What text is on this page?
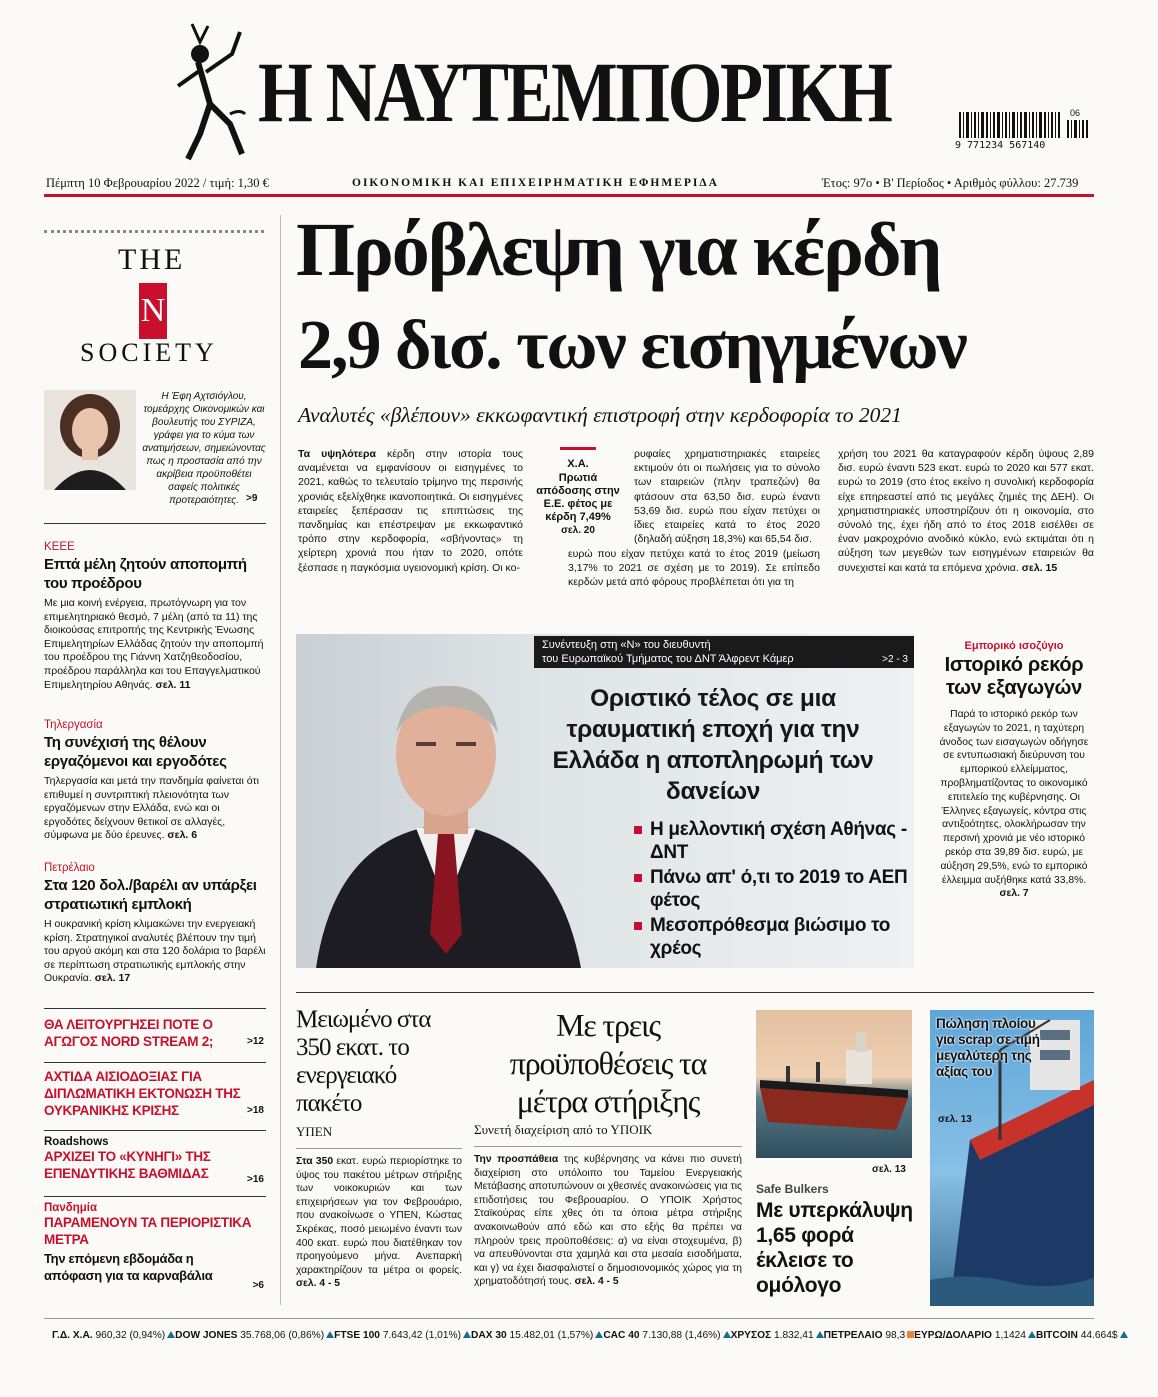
Η ΝΑΥΤΕΜΠΟΡΙΚΗ
9 771234 567140
06
Πέμπτη 10 Φεβρουαρίου 2022 / τιμή: 1,30 €	ΟΙΚΟΝΟΜΙΚΗ ΚΑΙ ΕΠΙΧΕΙΡΗΜΑΤΙΚΗ ΕΦΗΜΕΡΙΔΑ	Έτος: 97ο • Β' Περίοδος • Αριθμός φύλλου: 27.739
THE
N
SOCIETY
Η Έφη Αχτσιόγλου, τομεάρχης Οικονομικών και βουλευτής του ΣΥΡΙΖΑ, γράφει για το κύμα των ανατιμήσεων, σημειώνοντας πως η προστασία από την ακρίβεια προϋποθέτει σαφείς πολιτικές προτεραιότητες. >9
ΚΕΕΕ
Επτά μέλη ζητούν αποπομπή του προέδρου
Με μια κοινή ενέργεια, πρωτόγνωρη για τον επιμελητηριακό θεσμό, 7 μέλη (από τα 11) της διοικούσας επιτροπής της Κεντρικής Ένωσης Επιμελητηρίων Ελλάδας ζητούν την αποπομπή του προέδρου της Γιάννη Χατζηθεοδοσίου, προέδρου παράλληλα και του Επαγγελματικού Επιμελητηρίου Αθηνάς. σελ. 11
Τηλεργασία
Τη συνέχισή της θέλουν εργαζόμενοι και εργοδότες
Τηλεργασία και μετά την πανδημία φαίνεται ότι επιθυμεί η συντριπτική πλειονότητα των εργαζόμενων στην Ελλάδα, ενώ και οι εργοδότες δείχνουν θετικοί σε αλλαγές, σύμφωνα με δύο έρευνες. σελ. 6
Πετρέλαιο
Στα 120 δολ./βαρέλι αν υπάρξει στρατιωτική εμπλοκή
Η ουκρανική κρίση κλιμακώνει την ενεργειακή κρίση. Στρατηγικοί αναλυτές βλέπουν την τιμή του αργού ακόμη και στα 120 δολάρια το βαρέλι σε περίπτωση στρατιωτικής εμπλοκής στην Ουκρανία. σελ. 17
ΘΑ ΛΕΙΤΟΥΡΓΗΣΕΙ ΠΟΤΕ Ο ΑΓΩΓΟΣ NORD STREAM 2;	>12
ΑΧΤΙΔΑ ΑΙΣΙΟΔΟΞΙΑΣ ΓΙΑ ΔΙΠΛΩΜΑΤΙΚΗ ΕΚΤΟΝΩΣΗ ΤΗΣ ΟΥΚΡΑΝΙΚΗΣ ΚΡΙΣΗΣ	>18
Roadshows
ΑΡΧΙΖΕΙ ΤΟ «ΚΥΝΗΓΙ» ΤΗΣ ΕΠΕΝΔΥΤΙΚΗΣ ΒΑΘΜΙΔΑΣ	>16
Πανδημία
ΠΑΡΑΜΕΝΟΥΝ ΤΑ ΠΕΡΙΟΡΙΣΤΙΚΑ ΜΕΤΡΑ
Την επόμενη εβδομάδα η απόφαση για τα καρναβάλια
>6
Πρόβλεψη για κέρδη
2,9 δισ. των εισηγμένων
Αναλυτές «βλέπουν» εκκωφαντική επιστροφή στην κερδοφορία το 2021
Τα υψηλότερα κέρδη στην ιστορία τους αναμένεται να εμφανίσουν οι εισηγμένες το 2021, καθώς το τελευταίο τρίμηνο της περσινής χρονιάς εξελίχθηκε ικανοποιητικά. Οι εισηγμένες εταιρείες ξεπέρασαν τις επιπτώσεις της πανδημίας και επέστρεψαν με εκκωφαντικό τρόπο στην κερδοφορία, «σβήνοντας» τη χείρτερη χρονιά που ήταν το 2020, οπότε ξέσπασε η παγκόσμια υγειονομική κρίση. Οι κο-
Χ.Α.
Πρωτιά απόδοσης στην Ε.Ε. φέτος με κέρδη 7,49%
σελ. 20
ρυφαίες χρηματιστηριακές εταιρείες εκτιμούν ότι οι πωλήσεις για το σύνολο των εταιρειών (πλην τραπεζών) θα φτάσουν στα 63,50 δισ. ευρώ έναντι 53,69 δισ. ευρώ που είχαν πετύχει οι ίδιες εταιρείες κατά το έτος 2020 (δηλαδή αύξηση 18,3%) και 65,54 δισ.
ευρώ που είχαν πετύχει κατά το έτος 2019 (μείωση 3,17% το 2021 σε σχέση με το 2019). Σε επίπεδο κερδών μετά από φόρους προβλέπεται ότι για τη
χρήση του 2021 θα καταγραφούν κέρδη ύψους 2,89 δισ. ευρώ έναντι 523 εκατ. ευρώ το 2020 και 577 εκατ. ευρώ το 2019 (στο έτος εκείνο η συνολική κερδοφορία είχε επηρεαστεί από τις μεγάλες ζημιές της ΔΕΗ). Οι χρηματιστηριακές υποστηρίζουν ότι η οικονομία, στο σύνολό της, έχει ήδη από το έτος 2018 εισέλθει σε έναν μακροχρόνιο ανοδικό κύκλο, ενώ εκτιμάται ότι η αύξηση των μεγεθών των εισηγμένων εταιρειών θα συνεχιστεί και κατά τα επόμενα χρόνια. σελ. 15
Συνέντευξη στη «Ν» του διευθυντή
του Ευρωπαϊκού Τμήματος του ΔΝΤ Άλφρεντ Κάμερ	>2 - 3
Οριστικό τέλος σε μια τραυματική εποχή για την Ελλάδα η αποπληρωμή των δανείων
Η μελλοντική σχέση Αθήνας - ΔΝΤ
Πάνω απ' ό,τι το 2019 το ΑΕΠ φέτος
Μεσοπρόθεσμα βιώσιμο το χρέος
Εμπορικό ισοζύγιο
Ιστορικό ρεκόρ των εξαγωγών
Παρά το ιστορικό ρεκόρ των εξαγωγών το 2021, η ταχύτερη άνοδος των εισαγωγών οδήγησε σε εντυπωσιακή διεύρυνση του εμπορικού ελλείμματος, προβληματίζοντας το οικονομικό επιτελείο της κυβέρνησης. Οι Έλληνες εξαγωγείς, κόντρα στις αντιξοότητες, ολοκλήρωσαν την περσινή χρονιά με νέο ιστορικό ρεκόρ στα 39,89 δισ. ευρώ, με αύξηση 29,5%, ενώ το εμπορικό έλλειμμα αυξήθηκε κατά 33,8%. σελ. 7
Μειωμένο στα 350 εκατ. το ενεργειακό πακέτο
ΥΠΕΝ
Στα 350 εκατ. ευρώ περιορίστηκε το ύψος του πακέτου μέτρων στήριξης των νοικοκυριών και των επιχειρήσεων για τον Φεβρουάριο, που ανακοίνωσε ο ΥΠΕΝ, Κώστας Σκρέκας, ποσό μειωμένο έναντι των 400 εκατ. ευρώ που διατέθηκαν τον προηγούμενο μήνα. Ανεπαρκή χαρακτηρίζουν τα μέτρα οι φορείς. σελ. 4 - 5
Με τρεις προϋποθέσεις τα μέτρα στήριξης
Συνετή διαχείριση από το ΥΠΟΙΚ
Την προσπάθεια της κυβέρνησης να κάνει πιο συνετή διαχείριση στο υπόλοιπο του Ταμείου Ενεργειακής Μετάβασης αποτυπώνουν οι χθεσινές ανακοινώσεις για τις επιδοτήσεις του Φεβρουαρίου. Ο ΥΠΟΙΚ Χρήστος Σταϊκούρας είπε χθες ότι τα όποια μέτρα στήριξης ανακοινωθούν από εδώ και στο εξής θα πρέπει να πληρούν τρεις προϋποθέσεις: α) να είναι στοχευμένα, β) να απευθύνονται στα χαμηλά και στα μεσαία εισοδήματα, και γ) να έχει διασφαλιστεί ο δημοσιονομικός χώρος για τη χρηματοδότησή τους. σελ. 4 - 5
σελ. 13
Safe Bulkers
Με υπερκάλυψη 1,65 φορά έκλεισε το ομόλογο
Πώληση πλοίου για scrap σε τιμή μεγαλύτερη της αξίας του
σελ. 13
Γ.Δ. Χ.Α. 960,32 (0,94%) DOW JONES 35.768,06 (0,86%) FTSE 100 7.643,42 (1,01%) DAX 30 15.482,01 (1,57%) CAC 40 7.130,88 (1,46%) ΧΡΥΣΟΣ 1.832,41 ΠΕΤΡΕΛΑΙΟ 98,3 ΕΥΡΩ/ΔΟΛΑΡΙΟ 1,1424 BITCOIN 44.664$
